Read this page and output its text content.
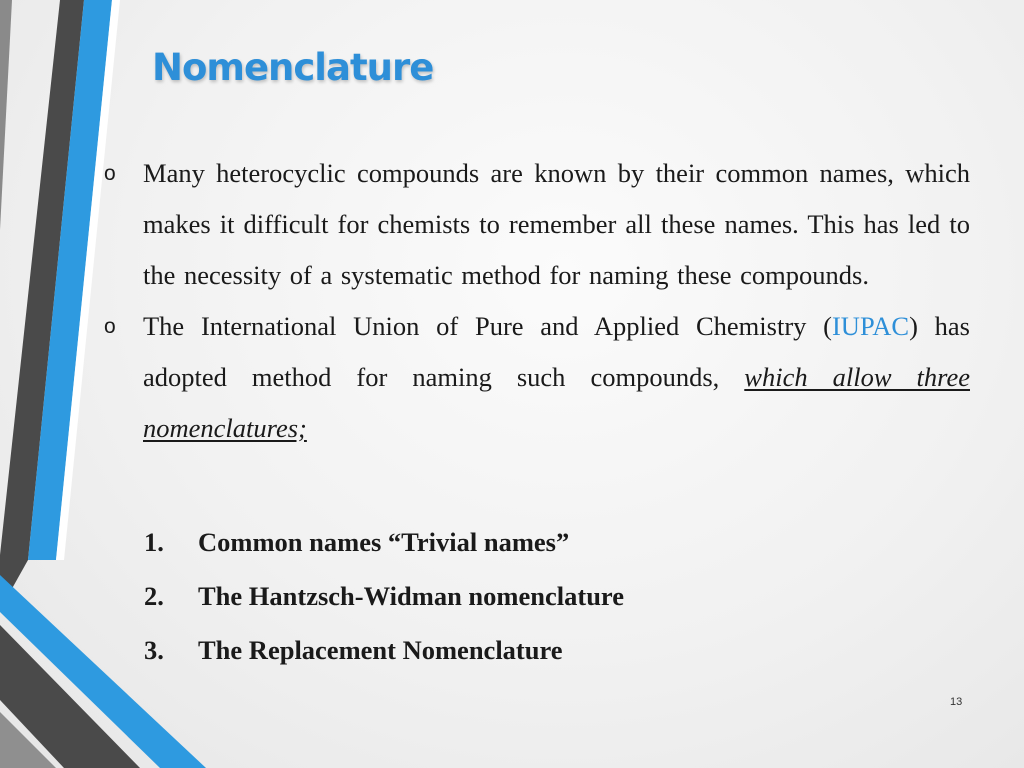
Nomenclature
o Many heterocyclic compounds are known by their common names, which makes it difficult for chemists to remember all these names. This has led to the necessity of a systematic method for naming these compounds.
o The International Union of Pure and Applied Chemistry (IUPAC) has adopted method for naming such compounds, which allow three nomenclatures;
1.	Common names “Trivial names”
2.	The Hantzsch-Widman nomenclature
3.	The Replacement Nomenclature
13
